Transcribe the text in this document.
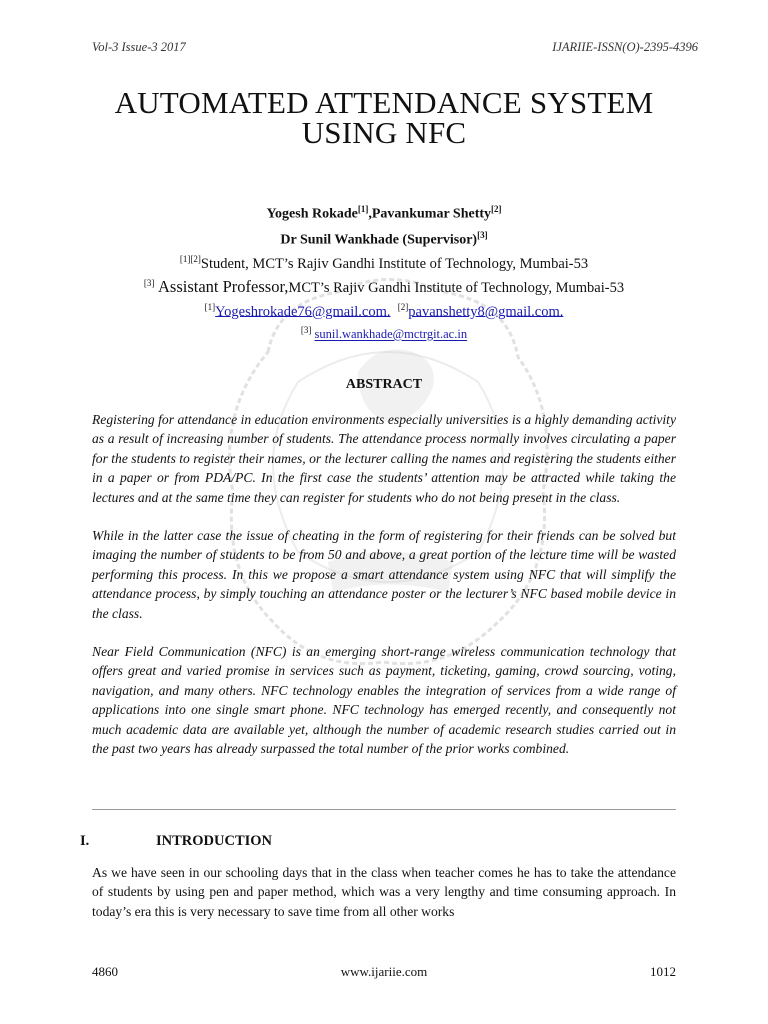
Vol-3 Issue-3 2017	IJARIIE-ISSN(O)-2395-4396
AUTOMATED ATTENDANCE SYSTEM
USING NFC
Yogesh Rokade[1],Pavankumar Shetty[2]
Dr Sunil Wankhade (Supervisor)[3]
[1][2]Student, MCT’s Rajiv Gandhi Institute of Technology, Mumbai-53
[3] Assistant Professor,MCT’s Rajiv Gandhi Institute of Technology, Mumbai-53
[1]Yogeshrokade76@gmail.com. [2]pavanshetty8@gmail.com.
[3] sunil.wankhade@mctrgit.ac.in
ABSTRACT

Registering for attendance in education environments especially universities is a highly demanding activity as a result of increasing number of students. The attendance process normally involves circulating a paper for the students to register their names, or the lecturer calling the names and registering the students either in a paper or from PDA/PC. In the first case the students’ attention may be attracted while taking the lectures and at the same time they can register for students who do not being present in the class.

While in the latter case the issue of cheating in the form of registering for their friends can be solved but imaging the number of students to be from 50 and above, a great portion of the lecture time will be wasted performing this process. In this we propose a smart attendance system using NFC that will simplify the attendance process, by simply touching an attendance poster or the lecturer’s NFC based mobile device in the class.

Near Field Communication (NFC) is an emerging short-range wireless communication technology that offers great and varied promise in services such as payment, ticketing, gaming, crowd sourcing, voting, navigation, and many others. NFC technology enables the integration of services from a wide range of applications into one single smart phone. NFC technology has emerged recently, and consequently not much academic data are available yet, although the number of academic research studies carried out in the past two years has already surpassed the total number of the prior works combined.

I.	INTRODUCTION

As we have seen in our schooling days that in the class when teacher comes he has to take the attendance of students by using pen and paper method, which was a very lengthy and time consuming approach. In today’s era this is very necessary to save time from all other works

4860	www.ijariie.com	1012
